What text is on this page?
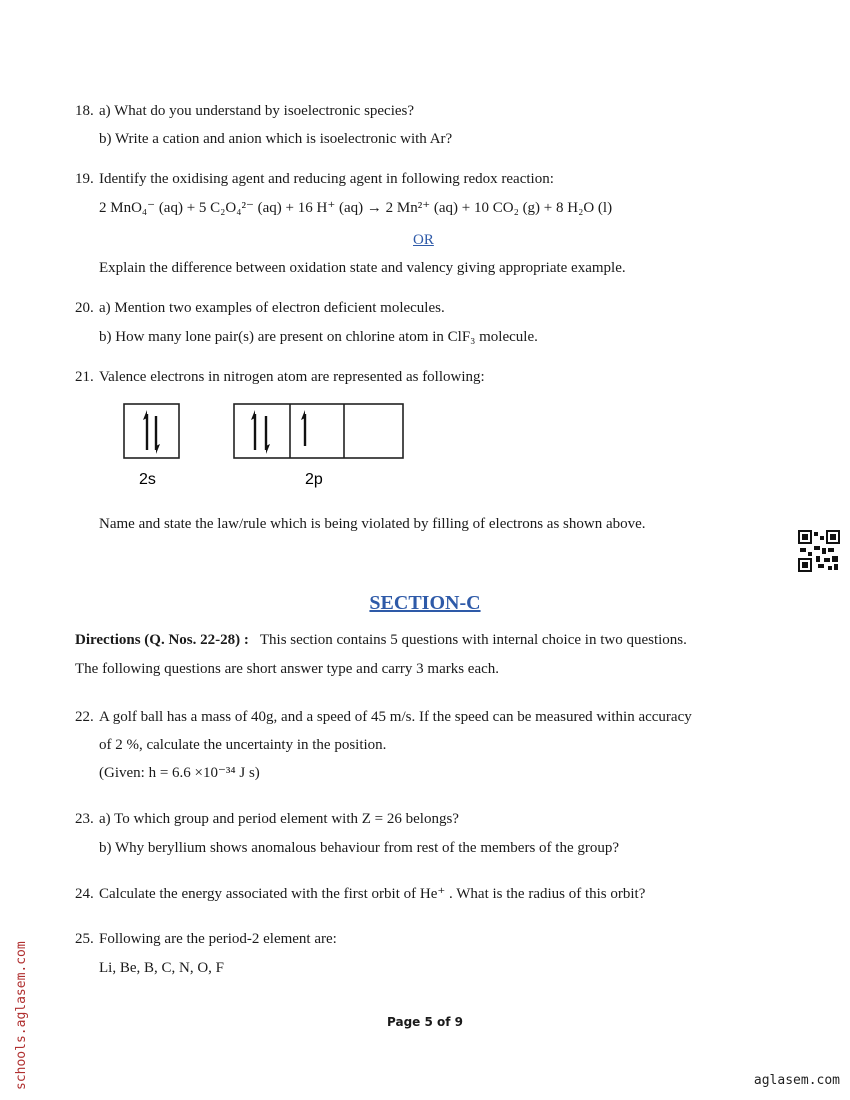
18. a) What do you understand by isoelectronic species?
b) Write a cation and anion which is isoelectronic with Ar?
19. Identify the oxidising agent and reducing agent in following redox reaction:
2 MnO₄⁻ (aq) + 5 C₂O₄²⁻ (aq) + 16 H⁺ (aq) → 2 Mn²⁺ (aq) + 10 CO₂ (g) + 8 H₂O (l)
OR
Explain the difference between oxidation state and valency giving appropriate example.
20. a) Mention two examples of electron deficient molecules.
b) How many lone pair(s) are present on chlorine atom in ClF₃ molecule.
21. Valence electrons in nitrogen atom are represented as following:
2s	2p
Name and state the law/rule which is being violated by filling of electrons as shown above.
SECTION-C
Directions (Q. Nos. 22-28) : This section contains 5 questions with internal choice in two questions.
The following questions are short answer type and carry 3 marks each.
22. A golf ball has a mass of 40g, and a speed of 45 m/s. If the speed can be measured within accuracy
of 2 %, calculate the uncertainty in the position.
(Given: h = 6.6 ×10⁻³⁴ J s)
23. a) To which group and period element with Z = 26 belongs?
b) Why beryllium shows anomalous behaviour from rest of the members of the group?
24. Calculate the energy associated with the first orbit of He⁺ . What is the radius of this orbit?
25. Following are the period-2 element are:
Li, Be, B, C, N, O, F
Page 5 of 9
aglasem.com
schools.aglasem.com
